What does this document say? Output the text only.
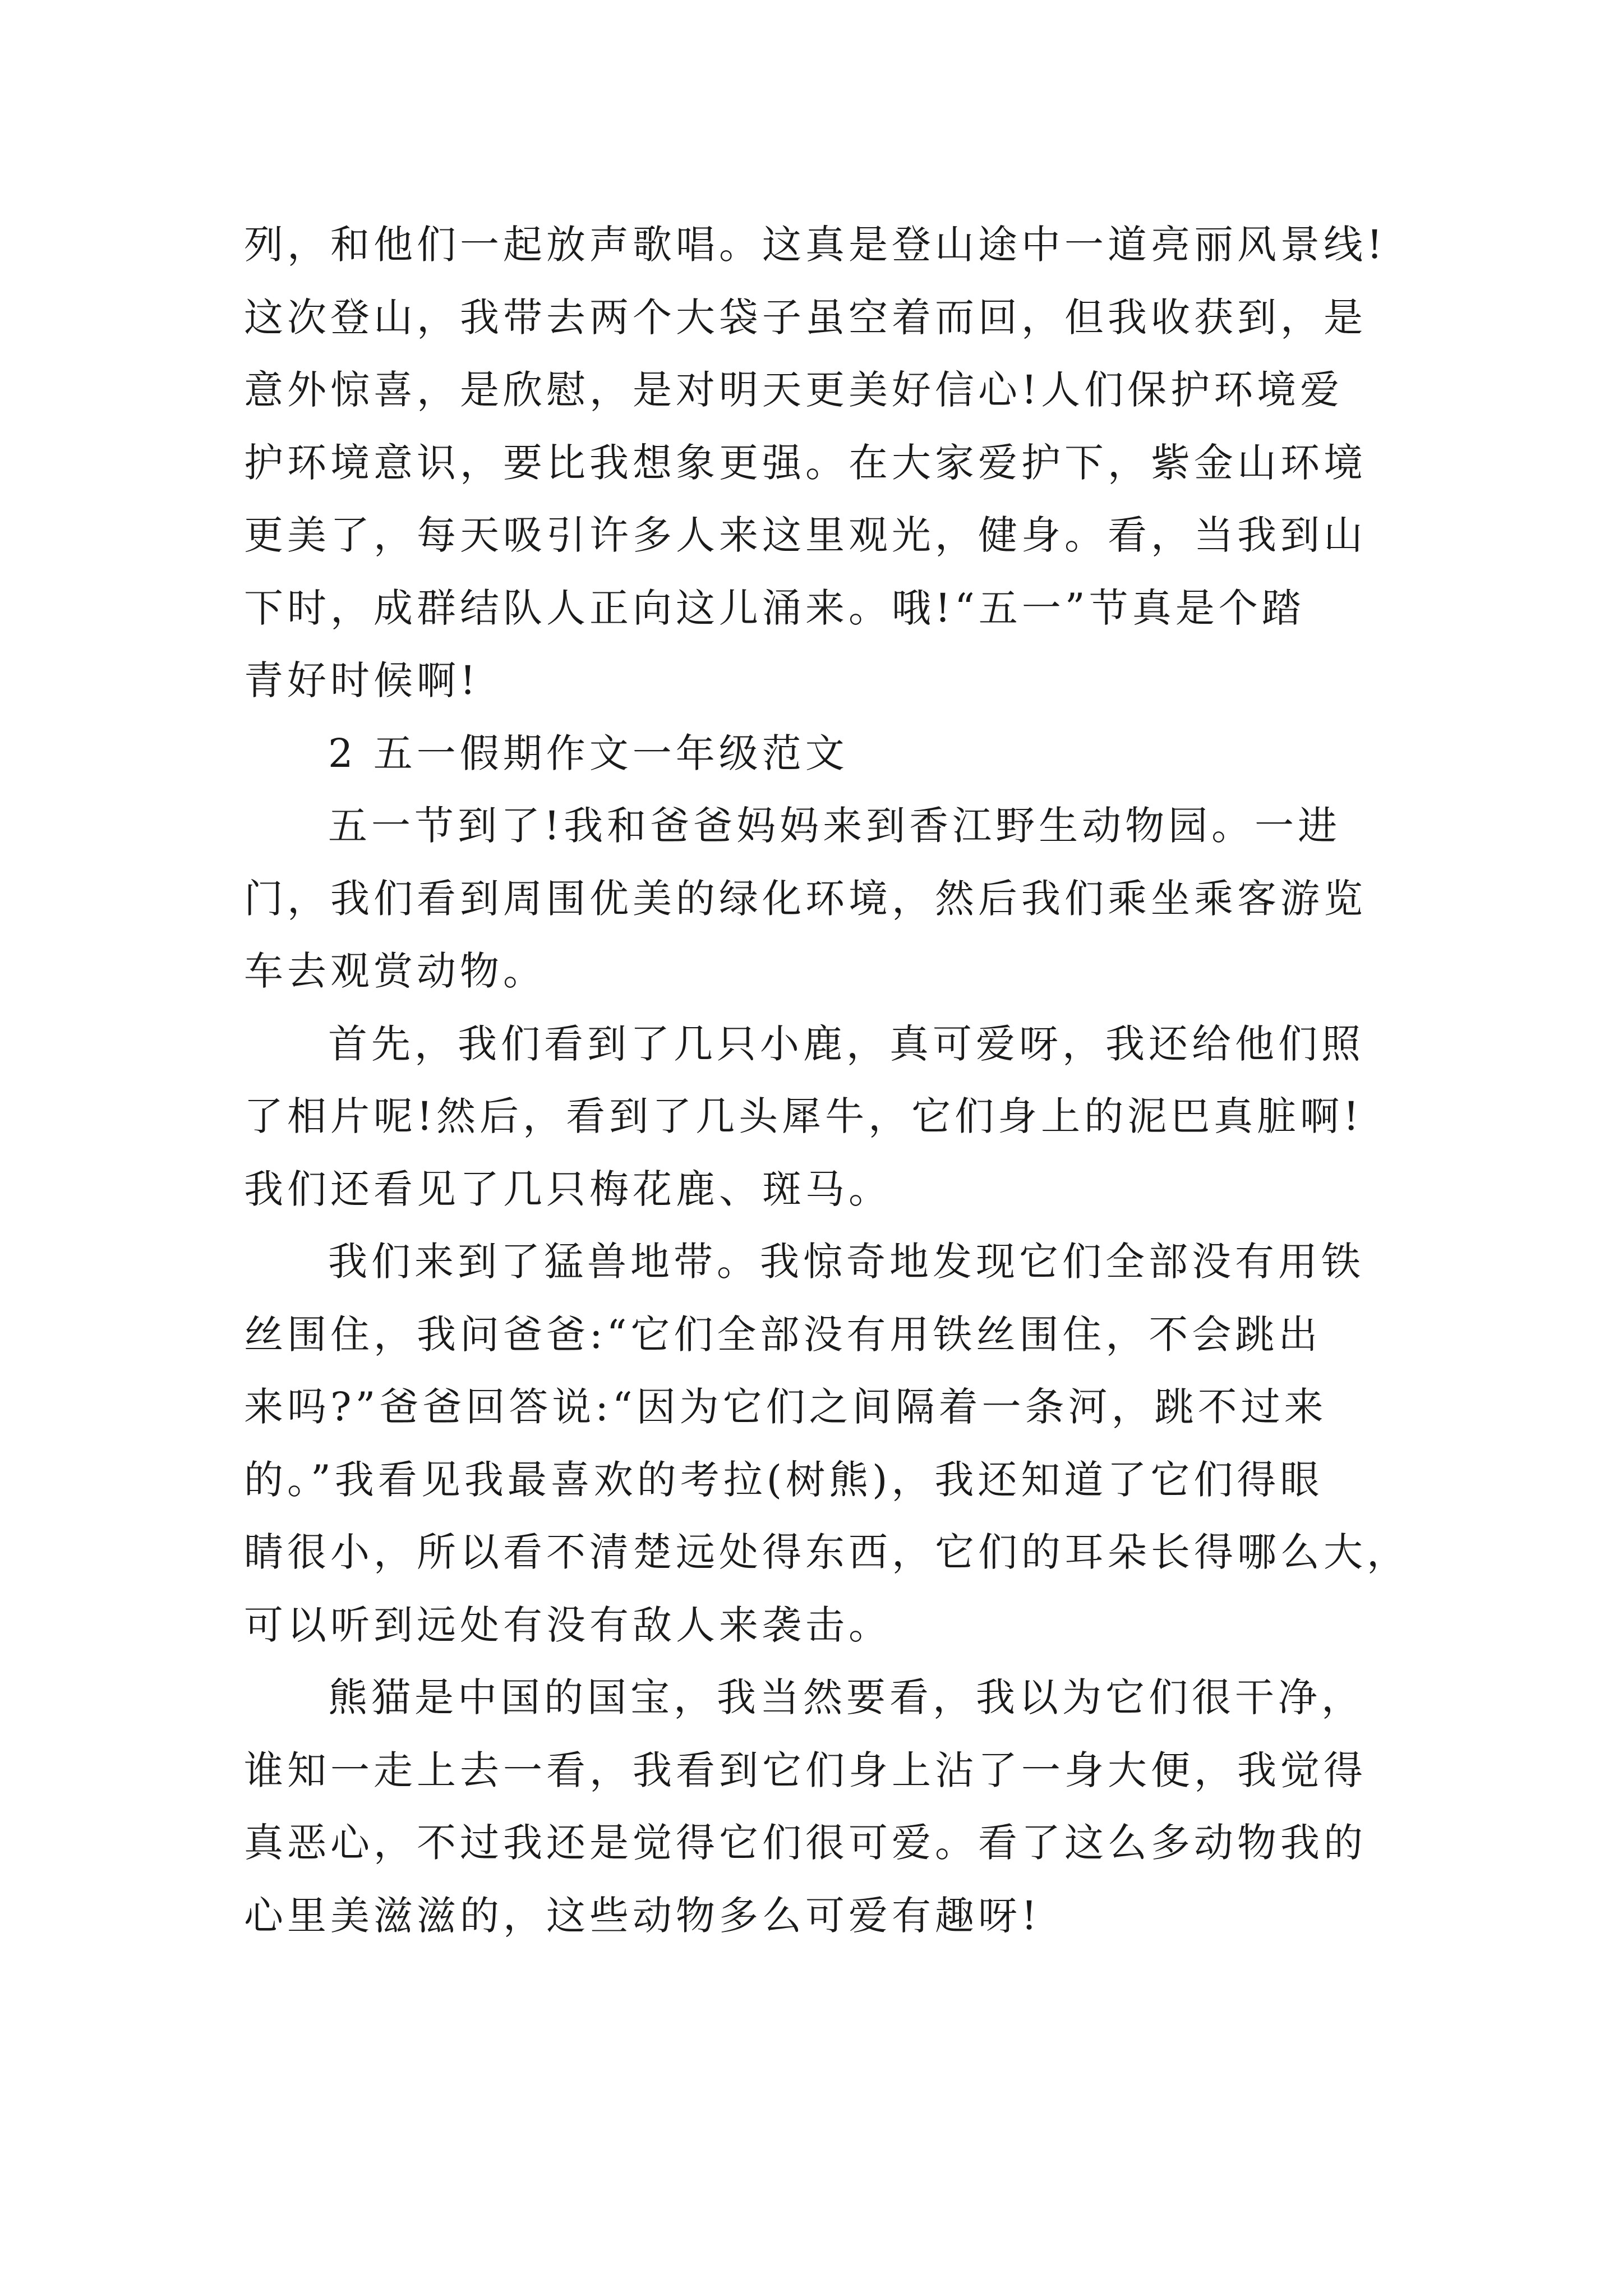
列，和他们一起放声歌唱。这真是登山途中一道亮丽风景线!
这次登山，我带去两个大袋子虽空着而回，但我收获到，是
意外惊喜，是欣慰，是对明天更美好信心!人们保护环境爱
护环境意识，要比我想象更强。在大家爱护下，紫金山环境
更美了，每天吸引许多人来这里观光，健身。看，当我到山
下时，成群结队人正向这儿涌来。哦!“五一”节真是个踏
青好时候啊!
2 五一假期作文一年级范文
五一节到了!我和爸爸妈妈来到香江野生动物园。一进
门，我们看到周围优美的绿化环境，然后我们乘坐乘客游览
车去观赏动物。
首先，我们看到了几只小鹿，真可爱呀，我还给他们照
了相片呢!然后，看到了几头犀牛，它们身上的泥巴真脏啊!
我们还看见了几只梅花鹿、斑马。
我们来到了猛兽地带。我惊奇地发现它们全部没有用铁
丝围住，我问爸爸:“它们全部没有用铁丝围住，不会跳出
来吗?”爸爸回答说:“因为它们之间隔着一条河，跳不过来
的。”我看见我最喜欢的考拉(树熊)，我还知道了它们得眼
睛很小，所以看不清楚远处得东西，它们的耳朵长得哪么大，
可以听到远处有没有敌人来袭击。
熊猫是中国的国宝，我当然要看，我以为它们很干净，
谁知一走上去一看，我看到它们身上沾了一身大便，我觉得
真恶心，不过我还是觉得它们很可爱。看了这么多动物我的
心里美滋滋的，这些动物多么可爱有趣呀!
